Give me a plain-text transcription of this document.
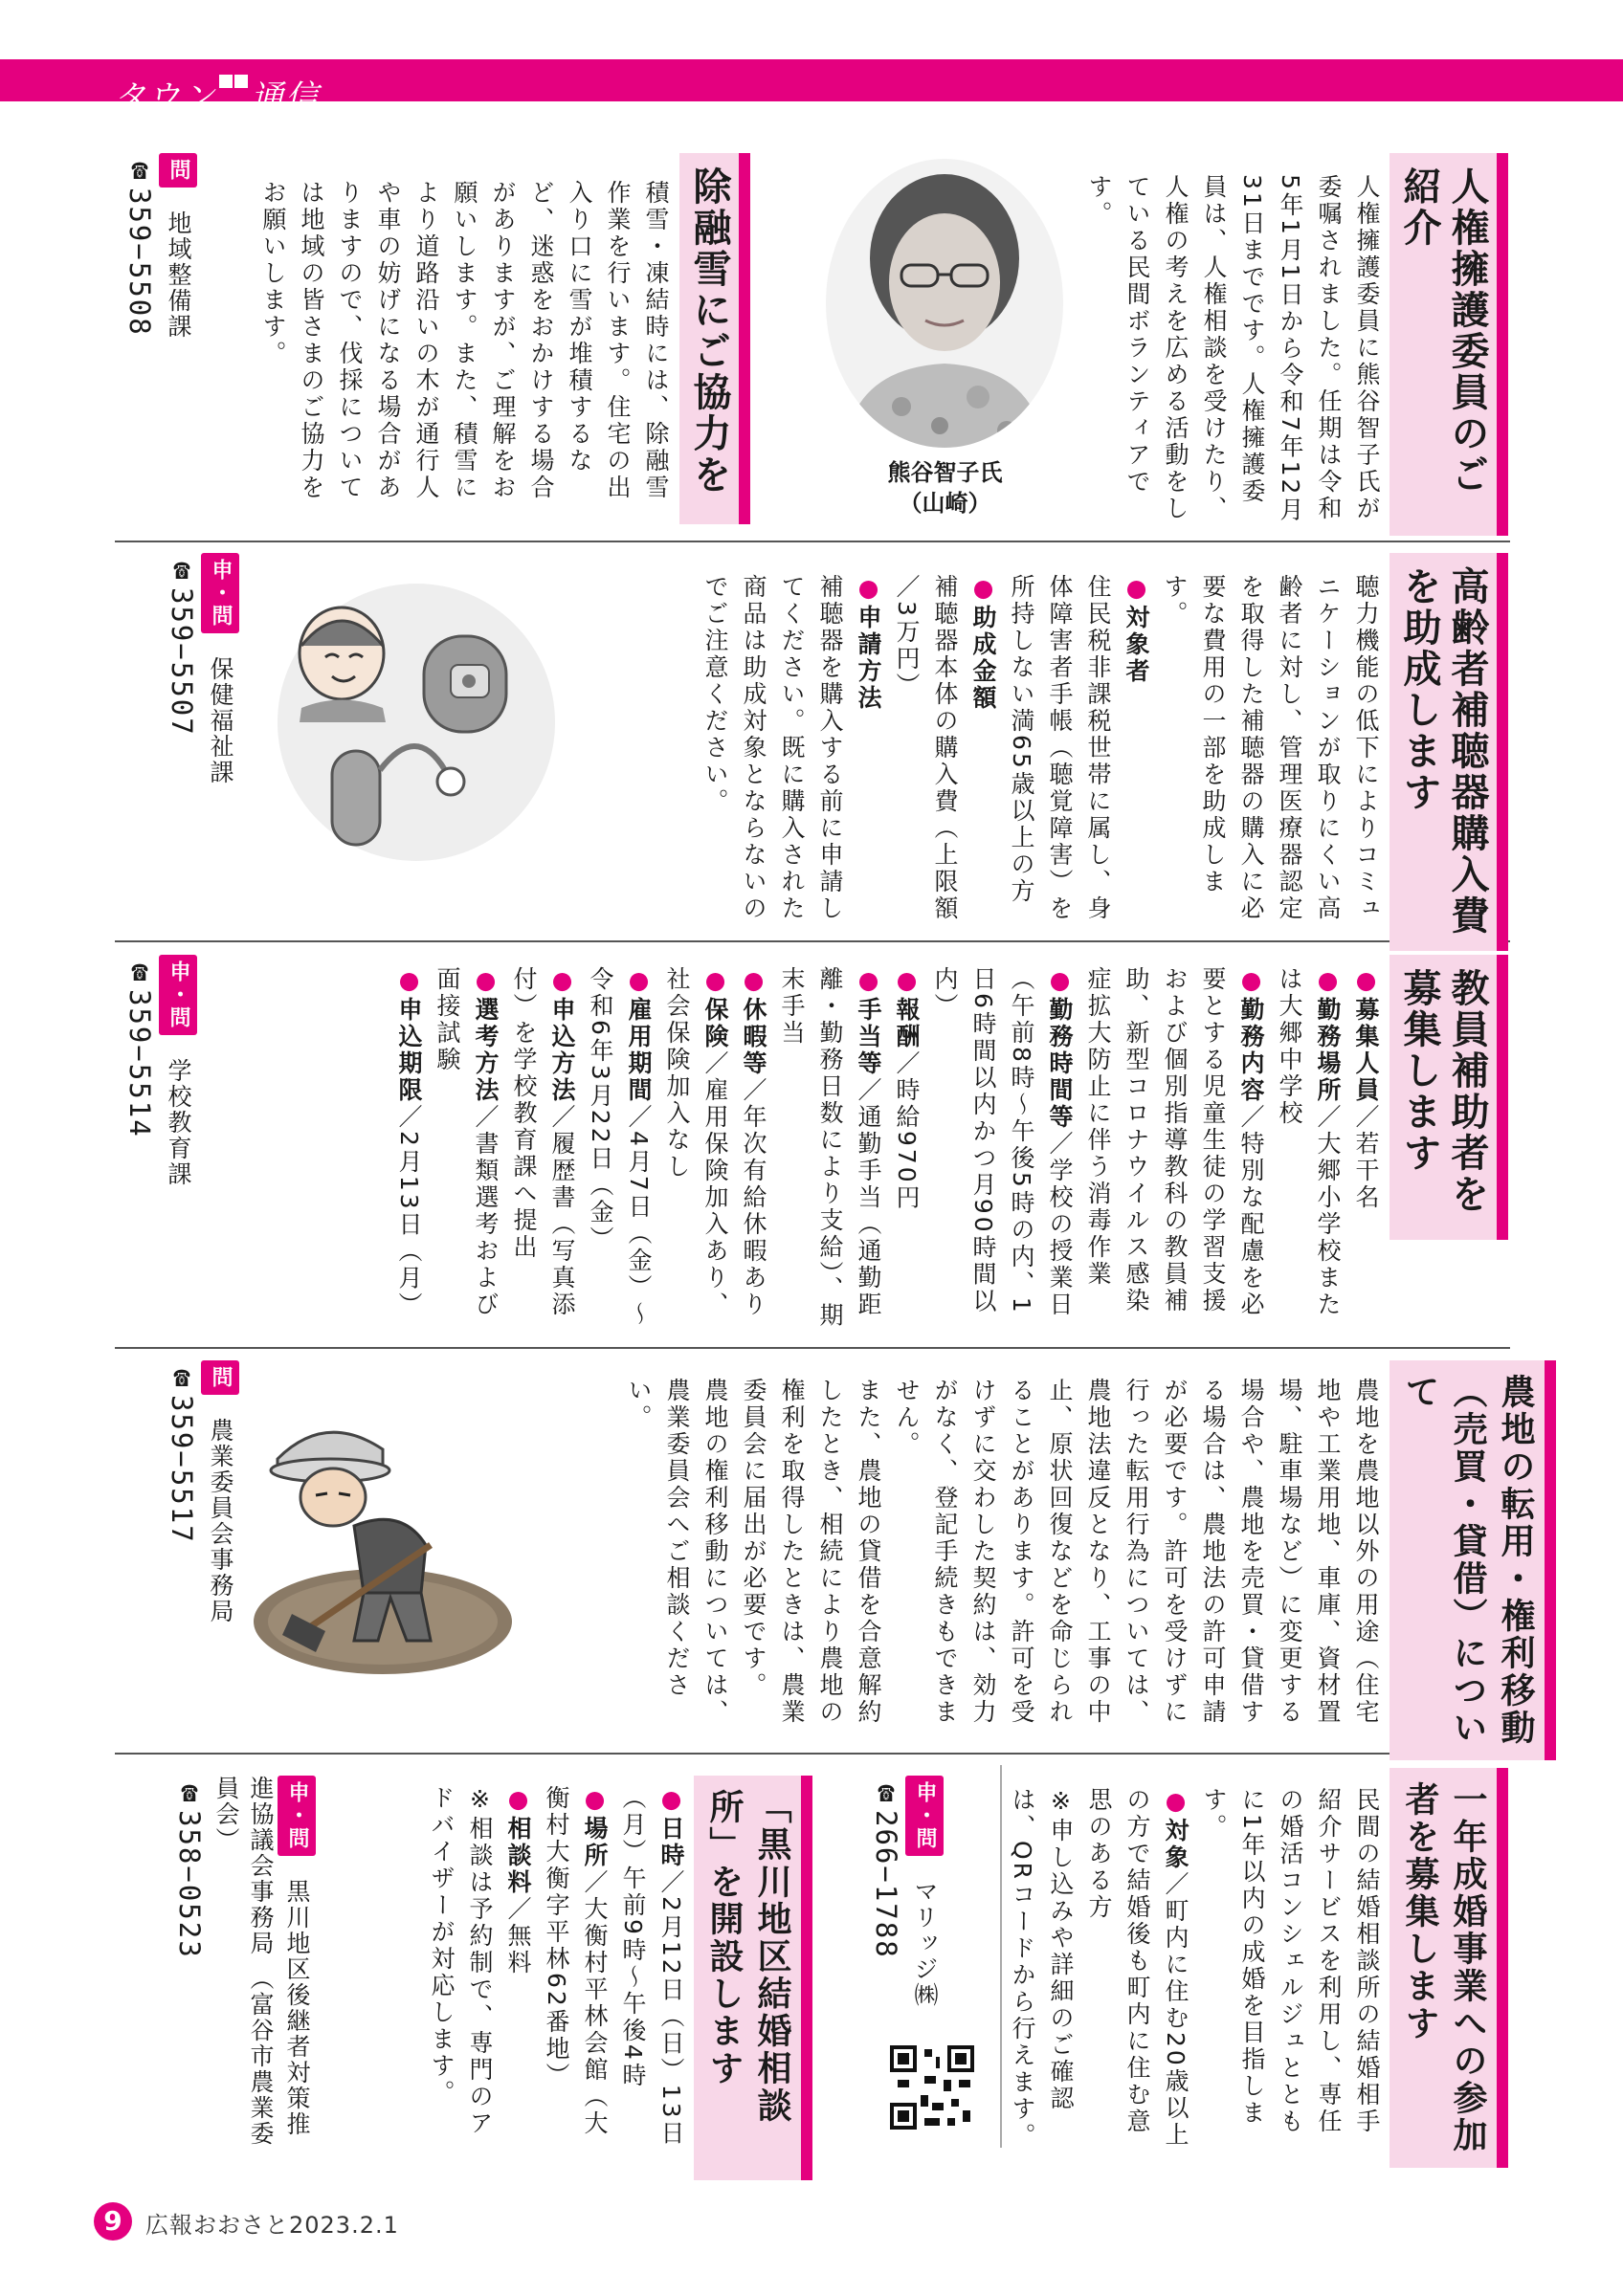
タウン 通信
人権擁護委員のご紹介
人権擁護委員に熊谷智子氏が委嘱されました。任期は令和5年1月1日から令和7年12月31日までです。人権擁護委員は、人権相談を受けたり、人権の考えを広める活動をしている民間ボランティアです。
熊谷智子氏
（山崎）
除融雪にご協力を
積雪・凍結時には、除融雪作業を行います。住宅の出入り口に雪が堆積するなど、迷惑をおかけする場合がありますが、ご理解をお願いします。また、積雪により道路沿いの木が通行人や車の妨げになる場合がありますので、伐採については地域の皆さまのご協力をお願いします。
問 地域整備課
☎359−5508
高齢者補聴器購入費を助成します
聴力機能の低下によりコミュニケーションが取りにくい高齢者に対し、管理医療器認定を取得した補聴器の購入に必要な費用の一部を助成します。
● 対象者
住民税非課税世帯に属し、身体障害者手帳（聴覚障害）を所持しない満65歳以上の方
● 助成金額
補聴器本体の購入費（上限額／3万円）
● 申請方法
補聴器を購入する前に申請してください。既に購入された商品は助成対象とならないのでご注意ください。
申・問 保健福祉課
☎359−5507
教員補助者を募集します
● 募集人員／若干名
● 勤務場所／大郷小学校または大郷中学校
● 勤務内容／特別な配慮を必要とする児童生徒の学習支援および個別指導教科の教員補助、新型コロナウイルス感染症拡大防止に伴う消毒作業
● 勤務時間等／学校の授業日（午前8時〜午後5時の内、1日6時間以内かつ月90時間以内）
● 報酬／時給970円
● 手当等／通勤手当（通勤距離・勤務日数により支給）、期末手当
● 休暇等／年次有給休暇あり
● 保険／雇用保険加入あり、社会保険加入なし
● 雇用期間／4月7日（金）〜令和6年3月22日（金）
● 申込方法／履歴書（写真添付）を学校教育課へ提出
● 選考方法／書類選考および面接試験
● 申込期限／2月13日（月）
申・問 学校教育課
☎359−5514
農地の転用・権利移動（売買・貸借）について
農地を農地以外の用途（住宅地や工業用地、車庫、資材置場、駐車場など）に変更する場合や、農地を売買・貸借する場合は、農地法の許可申請が必要です。許可を受けずに行った転用行為については、農地法違反となり、工事の中止、原状回復などを命じられることがあります。許可を受けずに交わした契約は、効力がなく、登記手続きもできません。
また、農地の貸借を合意解約したとき、相続により農地の権利を取得したときは、農業委員会に届出が必要です。
農地の権利移動については、農業委員会へご相談ください。
問 農業委員会事務局
☎359−5517
一年成婚事業への参加者を募集します
民間の結婚相談所の結婚相手紹介サービスを利用し、専任の婚活コンシェルジュとともに1年以内の成婚を目指します。
● 対象／町内に住む20歳以上の方で結婚後も町内に住む意思のある方
※申し込みや詳細のご確認は、QRコードから行えます。
申・問 マリッジ㈱
☎266−1788
「黒川地区結婚相談所」を開設します
● 日時／2月12日（日）13日（月）午前9時〜午後4時
● 場所／大衡村平林会館（大衡村大衡字平林62番地）
● 相談料／無料
※相談は予約制で、専門のアドバイザーが対応します。
申・問 黒川地区後継者対策推進協議会事務局 （富谷市農業委員会）
☎358−0523
9	広報おおさと2023.2.1
